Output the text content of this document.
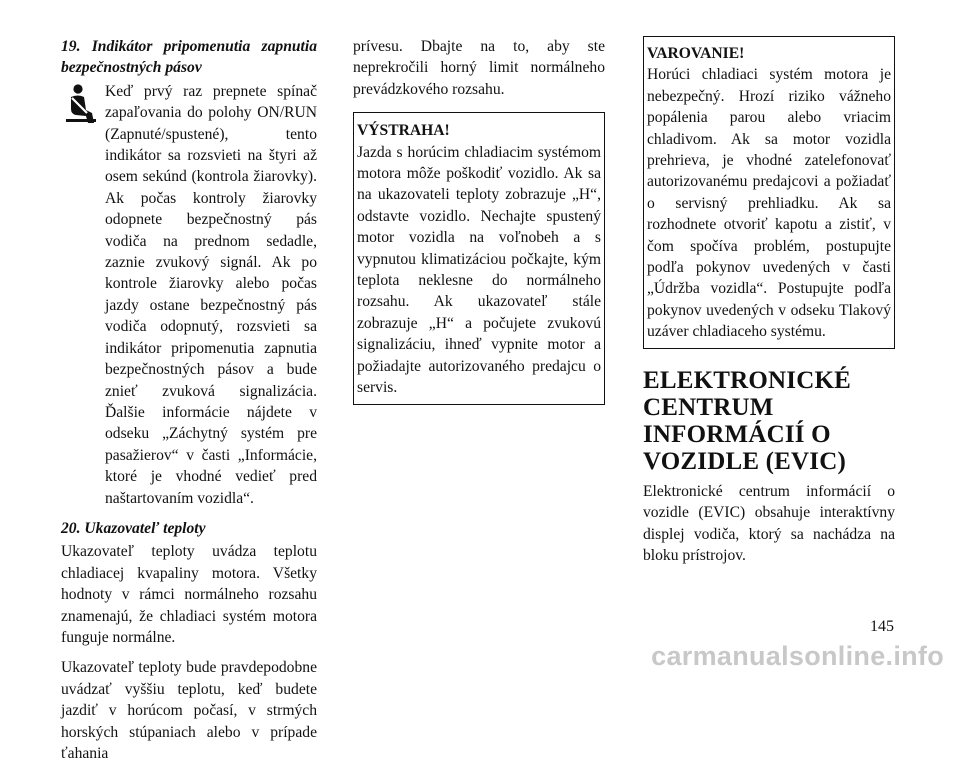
19. Indikátor pripomenutia zapnutia bezpečnostných pásov
Keď prvý raz prepnete spínač zapaľovania do polohy ON/RUN (Zapnuté/spustené), tento indikátor sa rozsvieti na štyri až osem sekúnd (kontrola žiarovky). Ak počas kontroly žiarovky odopnete bezpečnostný pás vodiča na prednom sedadle, zaznie zvukový signál. Ak po kontrole žiarovky alebo počas jazdy ostane bezpečnostný pás vodiča odopnutý, rozsvieti sa indikátor pripomenutia zapnutia bezpečnostných pásov a bude znieť zvuková signalizácia. Ďalšie informácie nájdete v odseku „Záchytný systém pre pasažierov“ v časti „Informácie, ktoré je vhodné vedieť pred naštartovaním vozidla“.
20. Ukazovateľ teploty

Ukazovateľ teploty uvádza teplotu chladiacej kvapaliny motora. Všetky hodnoty v rámci normálneho rozsahu znamenajú, že chladiaci systém motora funguje normálne.

Ukazovateľ teploty bude pravdepodobne uvádzať vyššiu teplotu, keď budete jazdiť v horúcom počasí, v strmých horských stúpaniach alebo v prípade ťahania

prívesu. Dbajte na to, aby ste neprekročili horný limit normálneho prevádzkového rozsahu.

VÝSTRAHA!
Jazda s horúcim chladiacim systémom motora môže poškodiť vozidlo. Ak sa na ukazovateli teploty zobrazuje „H“, odstavte vozidlo. Nechajte spustený motor vozidla na voľnobeh a s vypnutou klimatizáciou počkajte, kým teplota neklesne do normálneho rozsahu. Ak ukazovateľ stále zobrazuje „H“ a počujete zvukovú signalizáciu, ihneď vypnite motor a požiadajte autorizovaného predajcu o servis.
VAROVANIE!
Horúci chladiaci systém motora je nebezpečný. Hrozí riziko vážneho popálenia parou alebo vriacim chladivom. Ak sa motor vozidla prehrieva, je vhodné zatelefonovať autorizovanému predajcovi a požiadať o servisný prehliadku. Ak sa rozhodnete otvoriť kapotu a zistiť, v čom spočíva problém, postupujte podľa pokynov uvedených v časti „Údržba vozidla“. Postupujte podľa pokynov uvedených v odseku Tlakový uzáver chladiaceho systému.
ELEKTRONICKÉ CENTRUM INFORMÁCIÍ O VOZIDLE (EVIC)

Elektronické centrum informácií o vozidle (EVIC) obsahuje interaktívny displej vodiča, ktorý sa nachádza na bloku prístrojov.

145
carmanualsonline.info
